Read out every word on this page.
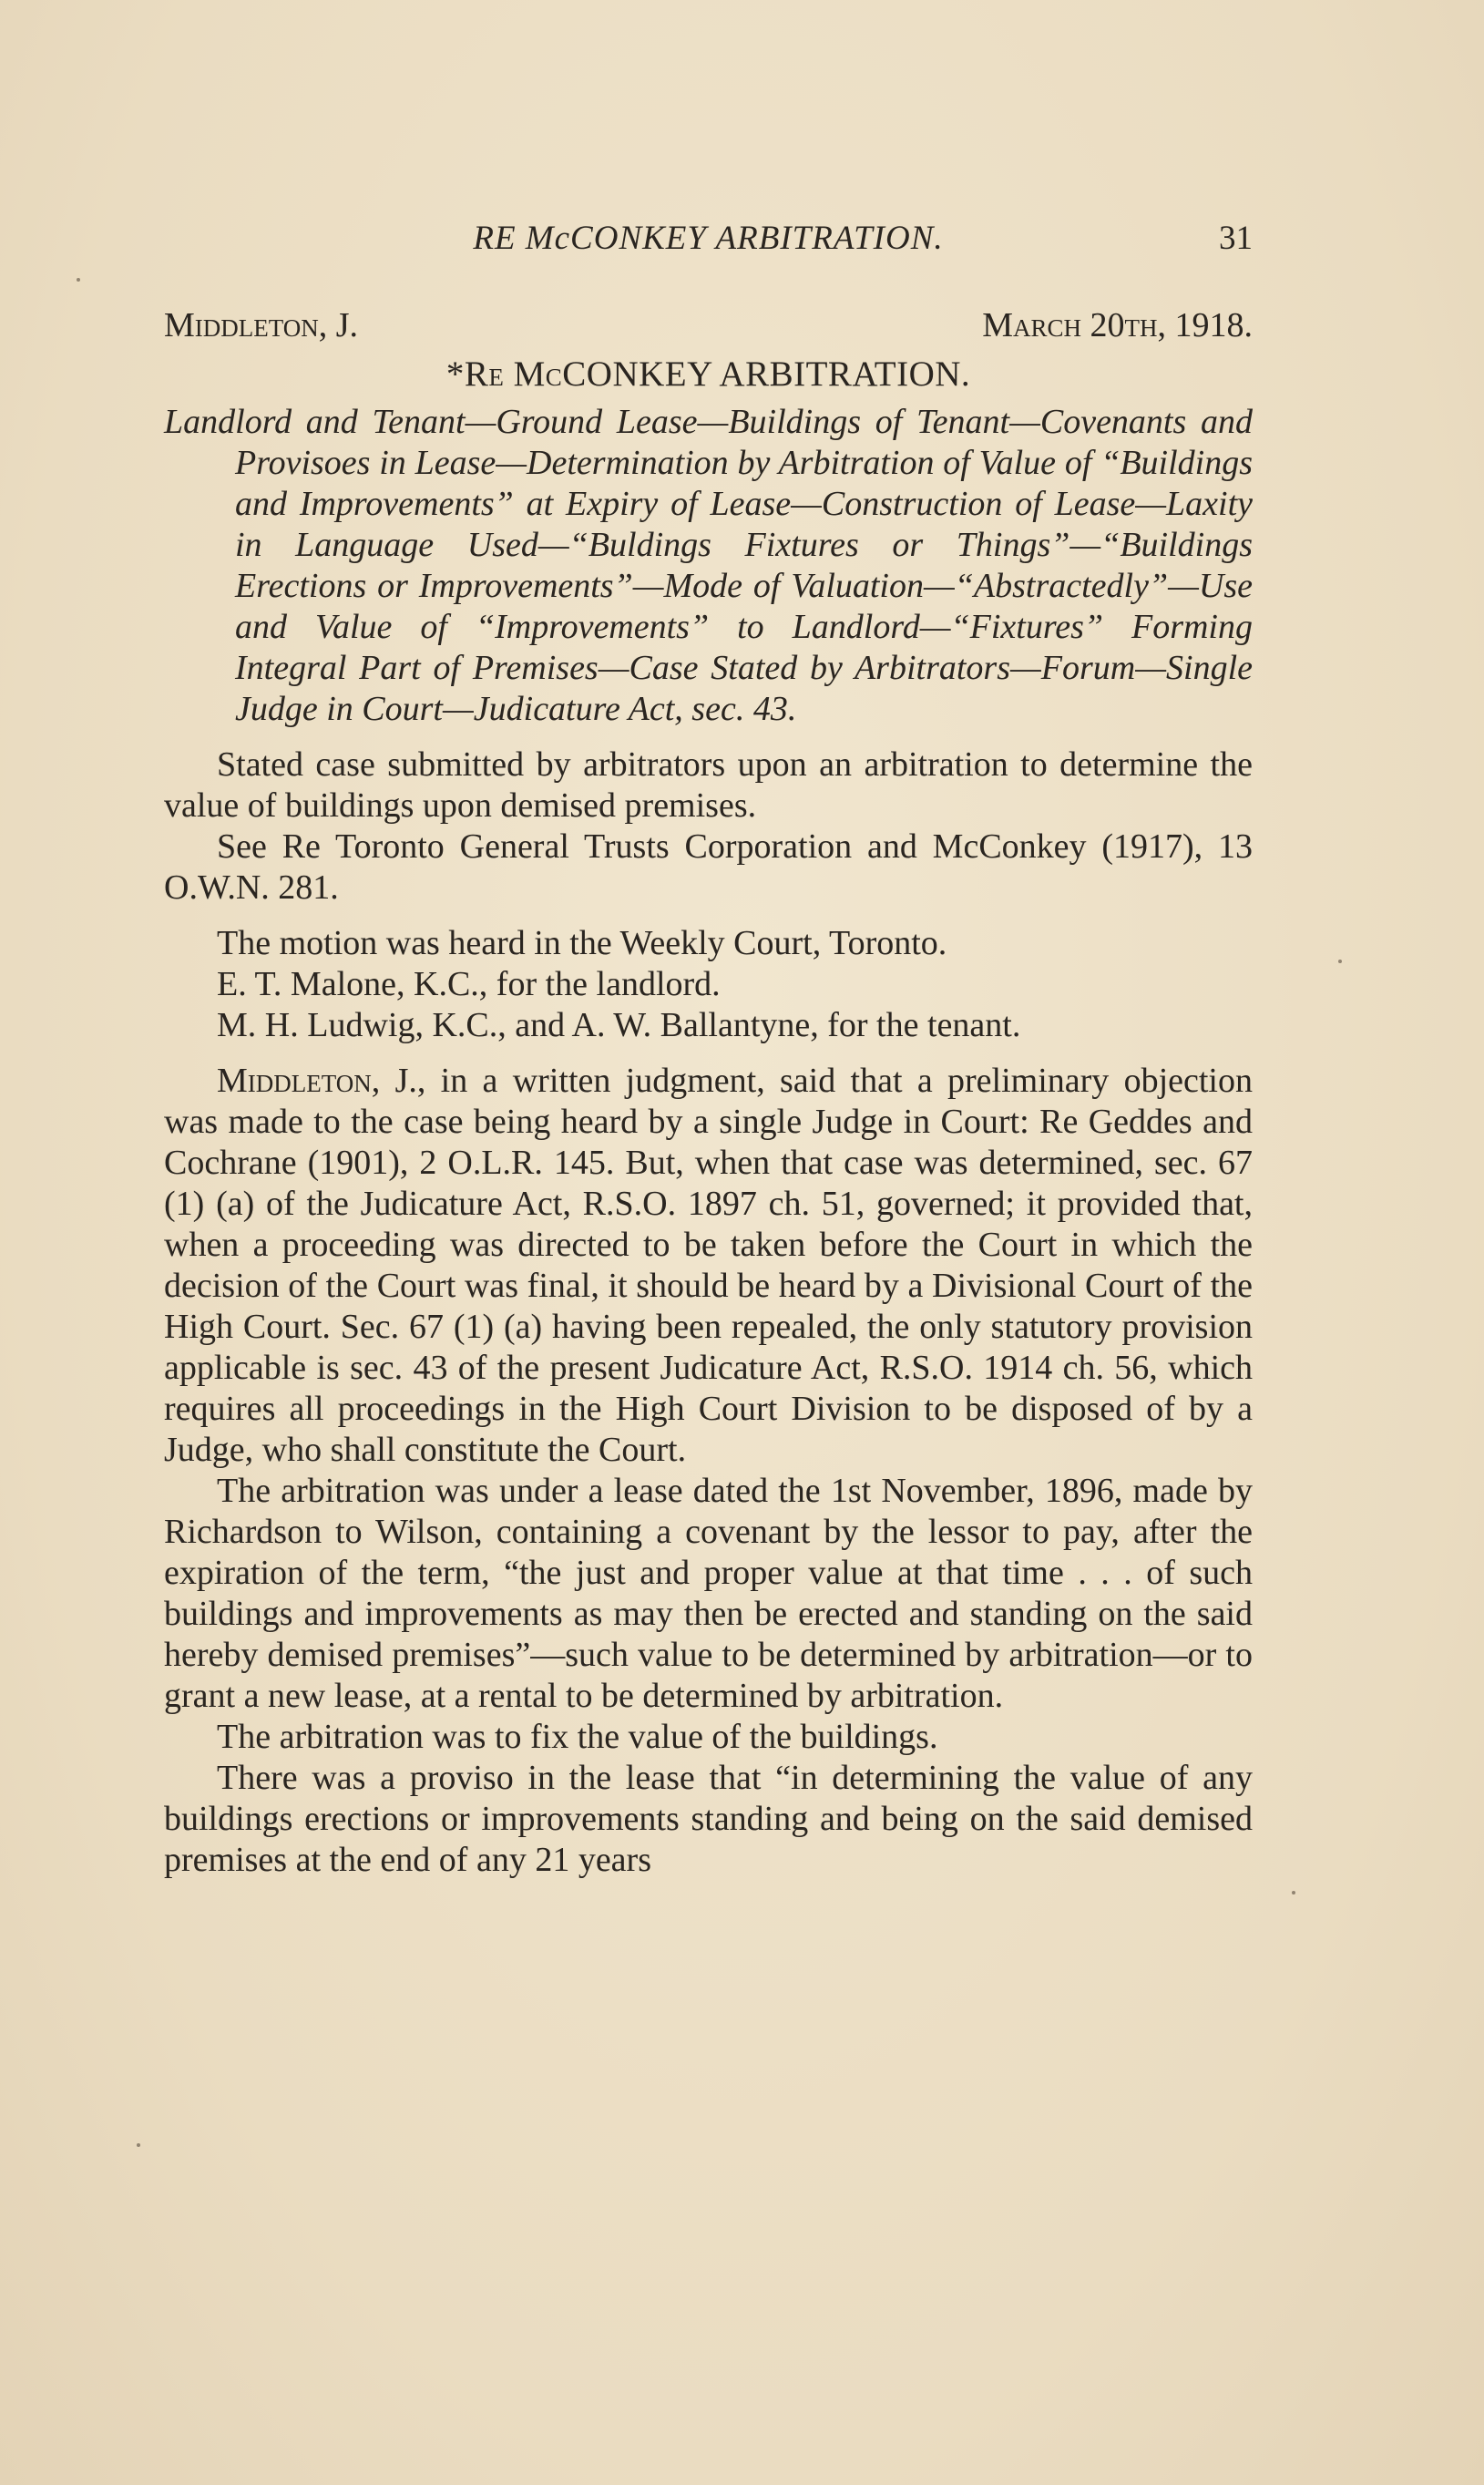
RE McCONKEY ARBITRATION.	31
Middleton, J.	March 20th, 1918.
*Re McCONKEY ARBITRATION.

Landlord and Tenant—Ground Lease—Buildings of Tenant—Covenants and Provisoes in Lease—Determination by Arbitration of Value of “Buildings and Improvements” at Expiry of Lease—Construction of Lease—Laxity in Language Used—“Buldings Fixtures or Things”—“Buildings Erections or Improvements”—Mode of Valuation—“Abstractedly”—Use and Value of “Improvements” to Landlord—“Fixtures” Forming Integral Part of Premises—Case Stated by Arbitrators—Forum—Single Judge in Court—Judicature Act, sec. 43.

Stated case submitted by arbitrators upon an arbitration to determine the value of buildings upon demised premises.

See Re Toronto General Trusts Corporation and McConkey (1917), 13 O.W.N. 281.

The motion was heard in the Weekly Court, Toronto.

E. T. Malone, K.C., for the landlord.

M. H. Ludwig, K.C., and A. W. Ballantyne, for the tenant.

Middleton, J., in a written judgment, said that a preliminary objection was made to the case being heard by a single Judge in Court: Re Geddes and Cochrane (1901), 2 O.L.R. 145. But, when that case was determined, sec. 67 (1) (a) of the Judicature Act, R.S.O. 1897 ch. 51, governed; it provided that, when a proceeding was directed to be taken before the Court in which the decision of the Court was final, it should be heard by a Divisional Court of the High Court. Sec. 67 (1) (a) having been repealed, the only statutory provision applicable is sec. 43 of the present Judicature Act, R.S.O. 1914 ch. 56, which requires all proceedings in the High Court Division to be disposed of by a Judge, who shall constitute the Court.

The arbitration was under a lease dated the 1st November, 1896, made by Richardson to Wilson, containing a covenant by the lessor to pay, after the expiration of the term, “the just and proper value at that time . . . of such buildings and improvements as may then be erected and standing on the said hereby demised premises”—such value to be determined by arbitration—or to grant a new lease, at a rental to be determined by arbitration.

The arbitration was to fix the value of the buildings.

There was a proviso in the lease that “in determining the value of any buildings erections or improvements standing and being on the said demised premises at the end of any 21 years
